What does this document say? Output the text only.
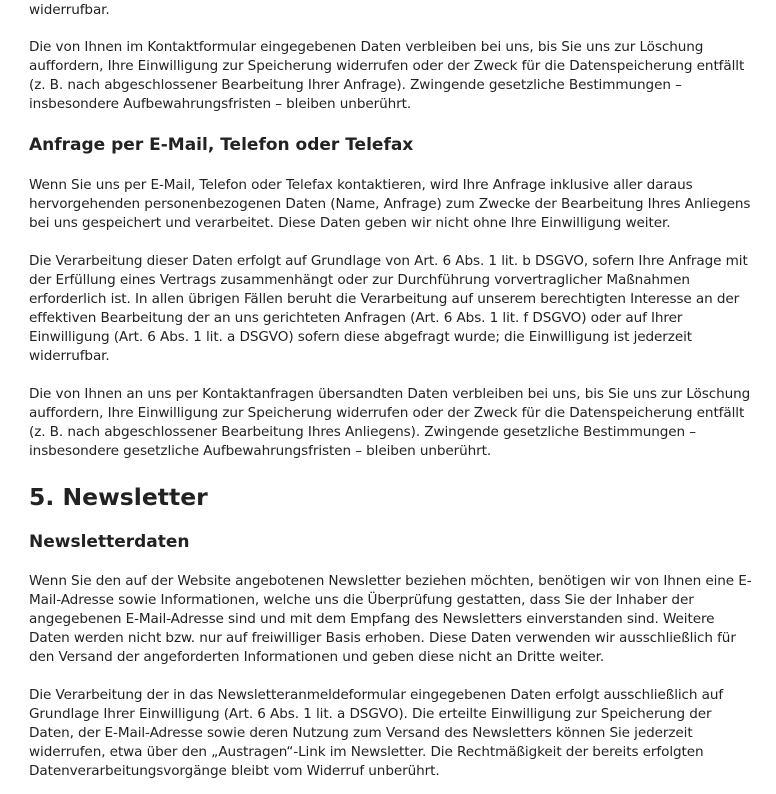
widerrufbar.

Die von Ihnen im Kontaktformular eingegebenen Daten verbleiben bei uns, bis Sie uns zur Löschung
auffordern, Ihre Einwilligung zur Speicherung widerrufen oder der Zweck für die Datenspeicherung entfällt
(z. B. nach abgeschlossener Bearbeitung Ihrer Anfrage). Zwingende gesetzliche Bestimmungen –
insbesondere Aufbewahrungsfristen – bleiben unberührt.

Anfrage per E-Mail, Telefon oder Telefax

Wenn Sie uns per E-Mail, Telefon oder Telefax kontaktieren, wird Ihre Anfrage inklusive aller daraus
hervorgehenden personenbezogenen Daten (Name, Anfrage) zum Zwecke der Bearbeitung Ihres Anliegens
bei uns gespeichert und verarbeitet. Diese Daten geben wir nicht ohne Ihre Einwilligung weiter.

Die Verarbeitung dieser Daten erfolgt auf Grundlage von Art. 6 Abs. 1 lit. b DSGVO, sofern Ihre Anfrage mit
der Erfüllung eines Vertrags zusammenhängt oder zur Durchführung vorvertraglicher Maßnahmen
erforderlich ist. In allen übrigen Fällen beruht die Verarbeitung auf unserem berechtigten Interesse an der
effektiven Bearbeitung der an uns gerichteten Anfragen (Art. 6 Abs. 1 lit. f DSGVO) oder auf Ihrer
Einwilligung (Art. 6 Abs. 1 lit. a DSGVO) sofern diese abgefragt wurde; die Einwilligung ist jederzeit
widerrufbar.

Die von Ihnen an uns per Kontaktanfragen übersandten Daten verbleiben bei uns, bis Sie uns zur Löschung
auffordern, Ihre Einwilligung zur Speicherung widerrufen oder der Zweck für die Datenspeicherung entfällt
(z. B. nach abgeschlossener Bearbeitung Ihres Anliegens). Zwingende gesetzliche Bestimmungen –
insbesondere gesetzliche Aufbewahrungsfristen – bleiben unberührt.

5. Newsletter
Newsletterdaten

Wenn Sie den auf der Website angebotenen Newsletter beziehen möchten, benötigen wir von Ihnen eine E-
Mail-Adresse sowie Informationen, welche uns die Überprüfung gestatten, dass Sie der Inhaber der
angegebenen E-Mail-Adresse sind und mit dem Empfang des Newsletters einverstanden sind. Weitere
Daten werden nicht bzw. nur auf freiwilliger Basis erhoben. Diese Daten verwenden wir ausschließlich für
den Versand der angeforderten Informationen und geben diese nicht an Dritte weiter.

Die Verarbeitung der in das Newsletteranmeldeformular eingegebenen Daten erfolgt ausschließlich auf
Grundlage Ihrer Einwilligung (Art. 6 Abs. 1 lit. a DSGVO). Die erteilte Einwilligung zur Speicherung der
Daten, der E-Mail-Adresse sowie deren Nutzung zum Versand des Newsletters können Sie jederzeit
widerrufen, etwa über den „Austragen“-Link im Newsletter. Die Rechtmäßigkeit der bereits erfolgten
Datenverarbeitungsvorgänge bleibt vom Widerruf unberührt.
